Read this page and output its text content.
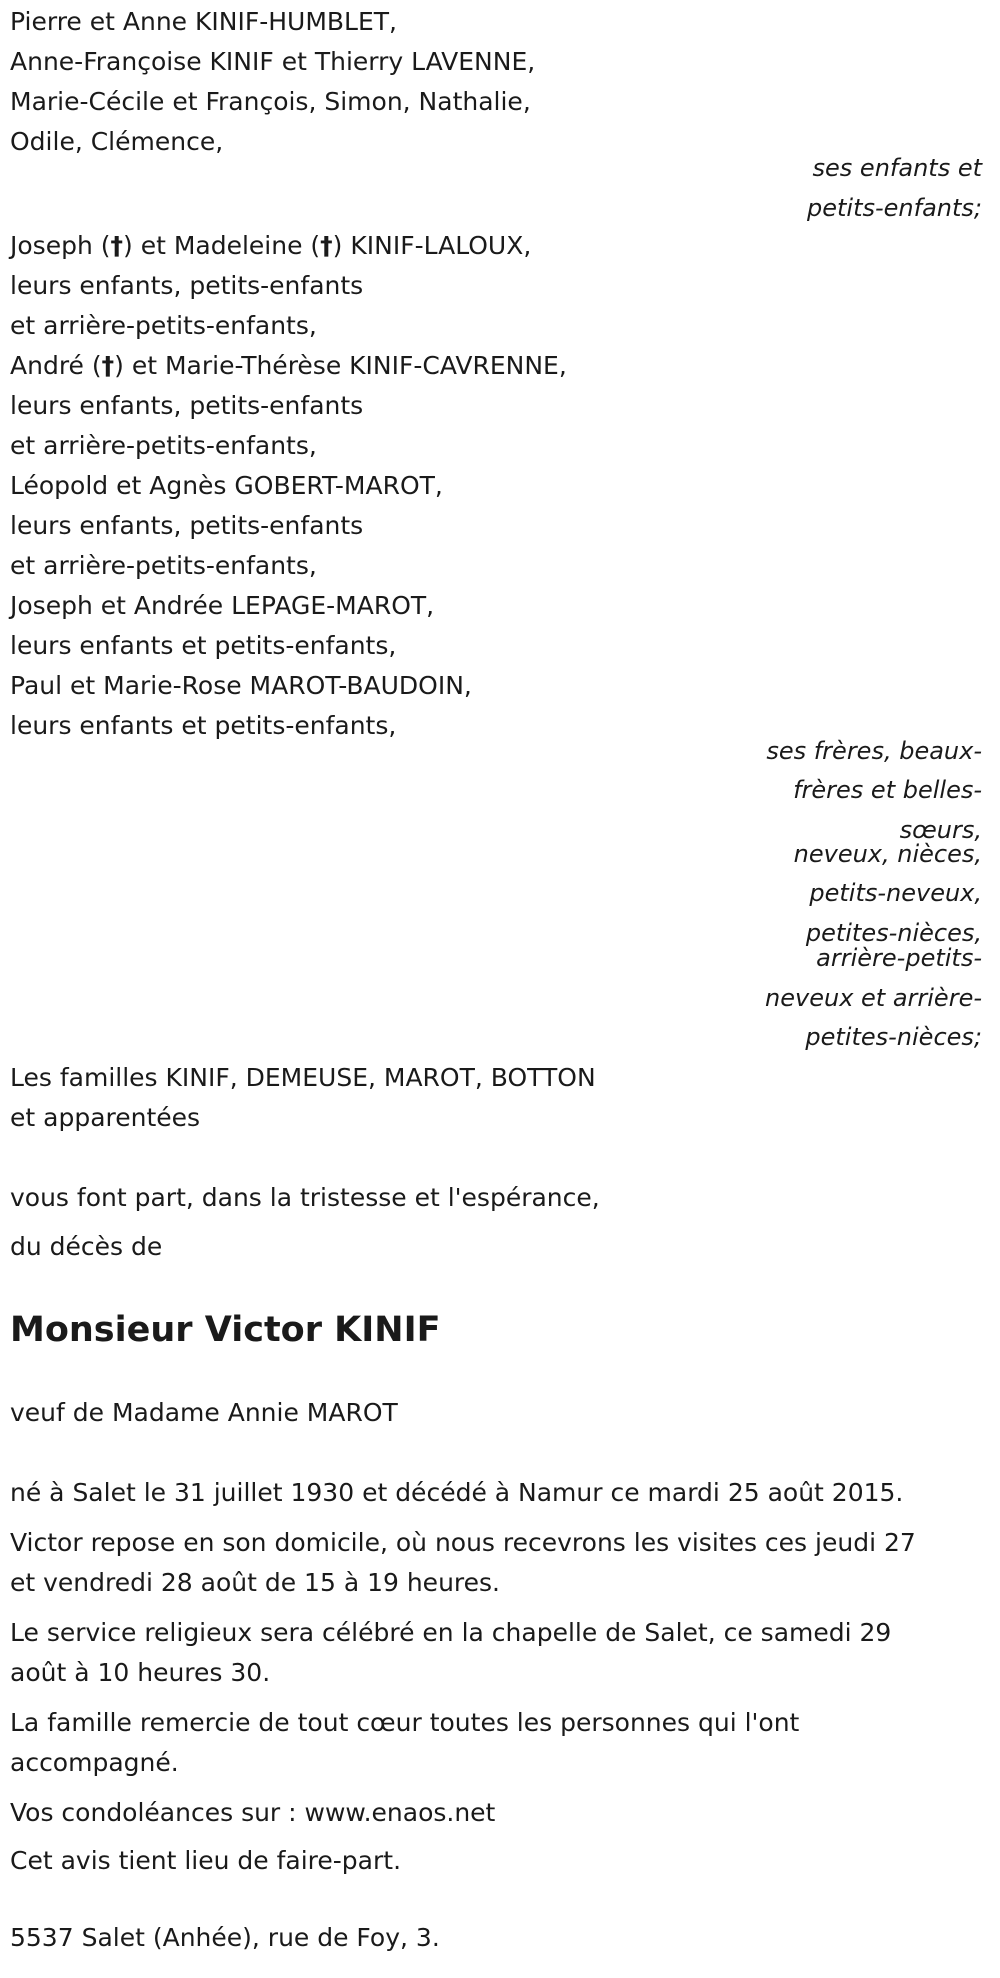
Pierre et Anne KINIF-HUMBLET,

Anne-Françoise KINIF et Thierry LAVENNE,

Marie-Cécile et François, Simon, Nathalie,

Odile, Clémence,

ses enfants et

petits-enfants;

Joseph (†) et Madeleine (†) KINIF-LALOUX,

leurs enfants, petits-enfants

et arrière-petits-enfants,

André (†) et Marie-Thérèse KINIF-CAVRENNE,

leurs enfants, petits-enfants

et arrière-petits-enfants,

Léopold et Agnès GOBERT-MAROT,

leurs enfants, petits-enfants

et arrière-petits-enfants,

Joseph et Andrée LEPAGE-MAROT,

leurs enfants et petits-enfants,

Paul et Marie-Rose MAROT-BAUDOIN,

leurs enfants et petits-enfants,

ses frères, beaux-

frères et belles-

sœurs,

neveux, nièces,

petits-neveux,

petites-nièces,

arrière-petits-

neveux et arrière-

petites-nièces;

Les familles KINIF, DEMEUSE, MAROT, BOTTON

et apparentées

vous font part, dans la tristesse et l'espérance,

du décès de

Monsieur Victor KINIF

veuf de Madame Annie MAROT

né à Salet le 31 juillet 1930 et décédé à Namur ce mardi 25 août 2015.

Victor repose en son domicile, où nous recevrons les visites ces jeudi 27

et vendredi 28 août de 15 à 19 heures.

Le service religieux sera célébré en la chapelle de Salet, ce samedi 29

août à 10 heures 30.

La famille remercie de tout cœur toutes les personnes qui l'ont

accompagné.

Vos condoléances sur : www.enaos.net

Cet avis tient lieu de faire-part.

5537 Salet (Anhée), rue de Foy, 3.
